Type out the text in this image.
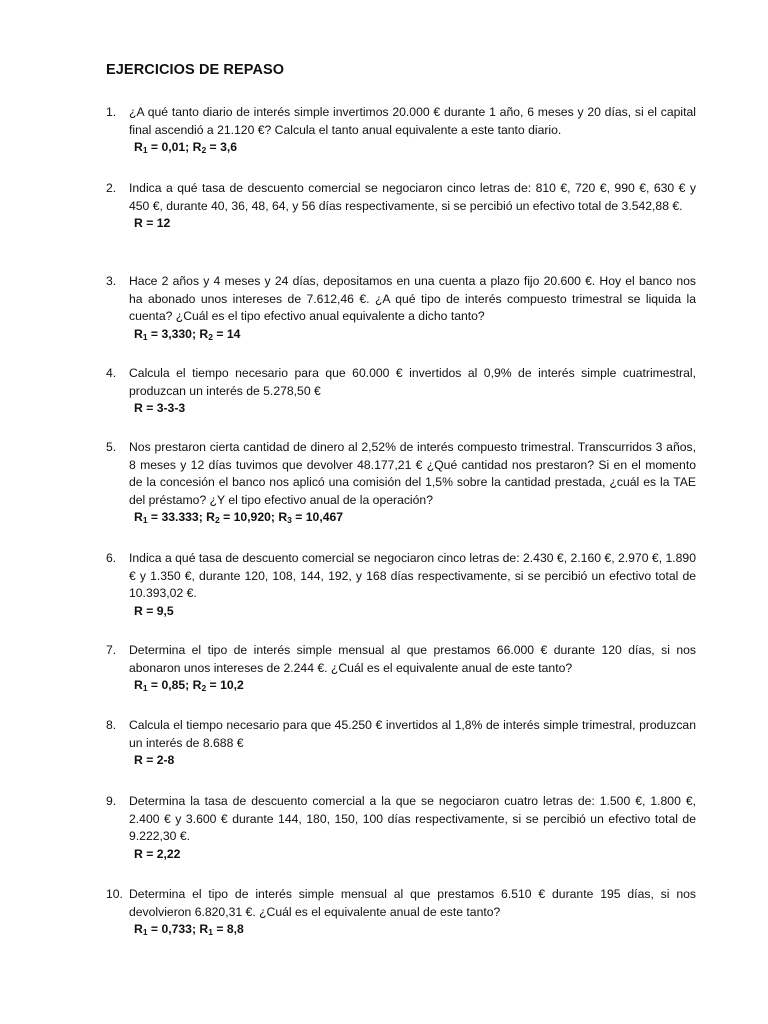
EJERCICIOS DE REPASO
1. ¿A qué tanto diario de interés simple invertimos 20.000 € durante 1 año, 6 meses y 20 días, si el capital final ascendió a 21.120 €? Calcula el tanto anual equivalente a este tanto diario.
$R_1 = 0,01$; $R_2 = 3,6$
2. Indica a qué tasa de descuento comercial se negociaron cinco letras de: 810 €, 720 €, 990 €, 630 € y 450 €, durante 40, 36, 48, 64, y 56 días respectivamente, si se percibió un efectivo total de 3.542,88 €.
R = 12
3. Hace 2 años y 4 meses y 24 días, depositamos en una cuenta a plazo fijo 20.600 €. Hoy el banco nos ha abonado unos intereses de 7.612,46 €. ¿A qué tipo de interés compuesto trimestral se liquida la cuenta? ¿Cuál es el tipo efectivo anual equivalente a dicho tanto?
$R_1 = 3,330$; $R_2 = 14$
4. Calcula el tiempo necesario para que 60.000 € invertidos al 0,9% de interés simple cuatrimestral, produzcan un interés de 5.278,50 €
R = 3-3-3
5. Nos prestaron cierta cantidad de dinero al 2,52% de interés compuesto trimestral. Transcurridos 3 años, 8 meses y 12 días tuvimos que devolver 48.177,21 € ¿Qué cantidad nos prestaron? Si en el momento de la concesión el banco nos aplicó una comisión del 1,5% sobre la cantidad prestada, ¿cuál es la TAE del préstamo? ¿Y el tipo efectivo anual de la operación?
$R_1 = 33.333$; $R_2 = 10,920$; $R_3 = 10,467$
6. Indica a qué tasa de descuento comercial se negociaron cinco letras de: 2.430 €, 2.160 €, 2.970 €, 1.890 € y 1.350 €, durante 120, 108, 144, 192, y 168 días respectivamente, si se percibió un efectivo total de 10.393,02 €.
R = 9,5
7. Determina el tipo de interés simple mensual al que prestamos 66.000 € durante 120 días, si nos abonaron unos intereses de 2.244 €. ¿Cuál es el equivalente anual de este tanto?
$R_1 = 0,85$; $R_2 = 10,2$
8. Calcula el tiempo necesario para que 45.250 € invertidos al 1,8% de interés simple trimestral, produzcan un interés de 8.688 €
R = 2-8
9. Determina la tasa de descuento comercial a la que se negociaron cuatro letras de: 1.500 €, 1.800 €, 2.400 € y 3.600 € durante 144, 180, 150, 100 días respectivamente, si se percibió un efectivo total de 9.222,30 €.
R = 2,22
10. Determina el tipo de interés simple mensual al que prestamos 6.510 € durante 195 días, si nos devolvieron 6.820,31 €. ¿Cuál es el equivalente anual de este tanto?
$R_1 = 0,733$; $R_1 = 8,8$
